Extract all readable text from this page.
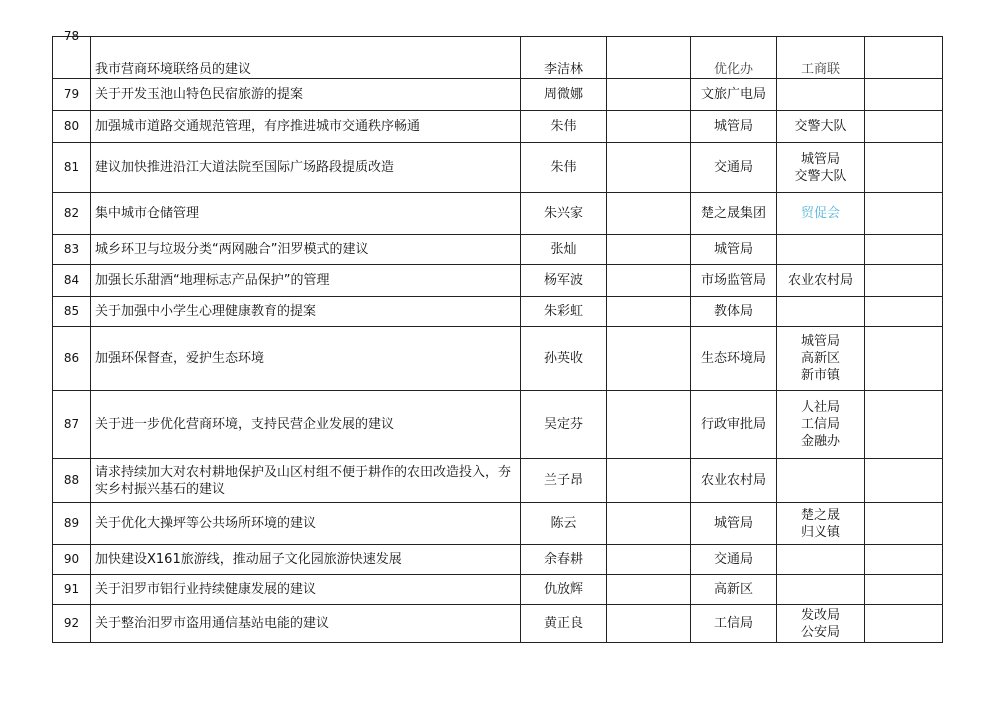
78	我市营商环境联络员的建议	李洁林		优化办	工商联	

79	关于开发玉池山特色民宿旅游的提案	周微娜		文旅广电局		

80	加强城市道路交通规范管理，有序推进城市交通秩序畅通	朱伟		城管局	交警大队	

81	建议加快推进沿江大道法院至国际广场路段提质改造	朱伟		交通局	城管局
交警大队	

82	集中城市仓储管理	朱兴家		楚之晟集团	贸促会	

83	城乡环卫与垃圾分类“两网融合”汨罗模式的建议	张灿		城管局		

84	加强长乐甜酒“地理标志产品保护”的管理	杨军波		市场监管局	农业农村局	

85	关于加强中小学生心理健康教育的提案	朱彩虹		教体局		

86	加强环保督查，爱护生态环境	孙英收		生态环境局	城管局
高新区
新市镇	

87	关于进一步优化营商环境，支持民营企业发展的建议	吴定芬		行政审批局	人社局
工信局
金融办	

88	请求持续加大对农村耕地保护及山区村组不便于耕作的农田改造投入，夯实乡村振兴基石的建议	兰子昂		农业农村局		

89	关于优化大操坪等公共场所环境的建议	陈云		城管局	楚之晟
归义镇	

90	加快建设X161旅游线，推动屈子文化园旅游快速发展	余春耕		交通局		

91	关于汨罗市铝行业持续健康发展的建议	仇放辉		高新区		

92	关于整治汨罗市盗用通信基站电能的建议	黄正良		工信局	发改局
公安局	
